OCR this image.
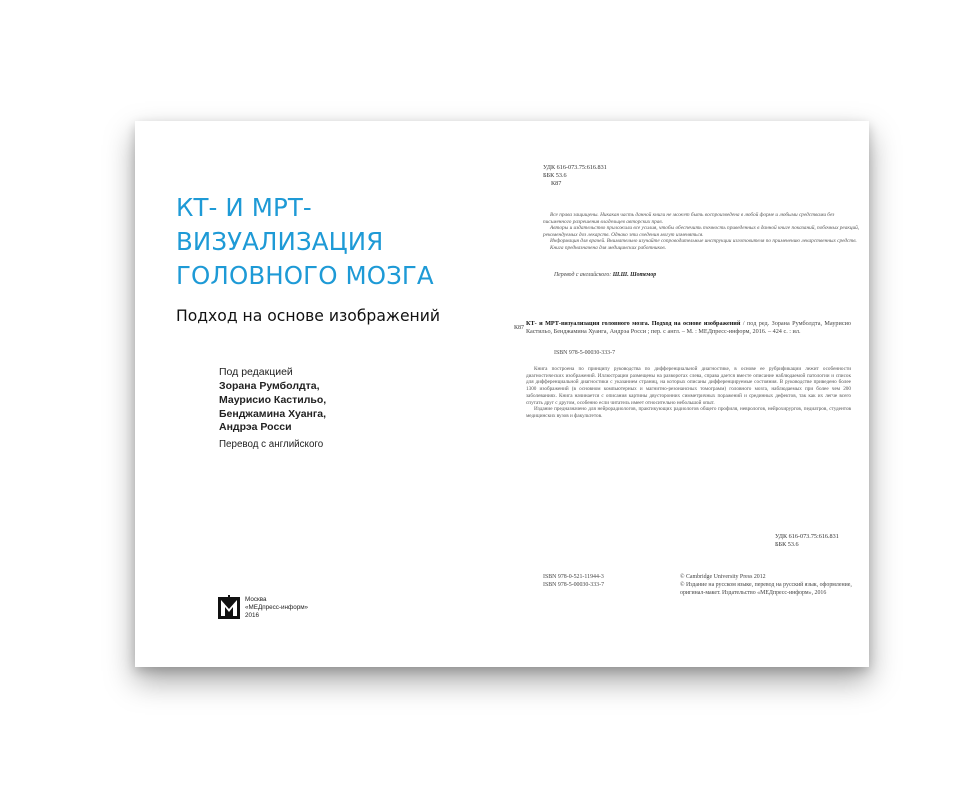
КТ- И МРТ-
ВИЗУАЛИЗАЦИЯ
ГОЛОВНОГО МОЗГА
Подход на основе изображений
Под редакцией
Зорана Румболдта,
Маурисио Кастильо,
Бенджамина Хуанга,
Андрэа Росси
Перевод с английского
Москва
«МЕДпресс-информ»
2016
УДК 616-073.75:616.831
ББК 53.6
К87

Все права защищены. Никакая часть данной книги не может быть воспроизведена в любой форме и любыми средствами без письменного разрешения владельцев авторских прав.

Авторы и издательство приложили все усилия, чтобы обеспечить точность приведенных в данной книге показаний, побочных реакций, рекомендуемых доз лекарств. Однако эти сведения могут изменяться.

Информация для врачей. Внимательно изучайте сопроводительные инструкции изготовителя по применению лекарственных средств.

Книга предназначена для медицинских работников.

Перевод с английского: Ш.Ш. Шотемор
К87
КТ- и МРТ-визуализация головного мозга. Подход на основе изображений / под ред. Зорана Румболдта, Маурисио Кастильо, Бенджамина Хуанга, Андрэа Росси ; пер. с англ. – М. : МЕДпресс-информ, 2016. – 424 с. : ил.
ISBN 978-5-00030-333-7

Книга построена по принципу руководства по дифференциальной диагностике, в основе ее рубрификации лежит особенности диагностических изображений. Иллюстрации размещены на разворотах слева, справа дается вместе описание наблюдаемой патологии и список для дифференциальной диагностики с указанием страниц, на которых описаны дифференцируемые состояния. В руководстве приведено более 1300 изображений (в основном компьютерных и магнитно-резонансных томограмм) головного мозга, наблюдаемых при более чем 200 заболеваниях. Книга начинается с описания картины двусторонних симметричных поражений и срединных дефектов, так как их легче всего спутать друг с другом, особенно если читатель имеет относительно небольшой опыт.

Издание предназначено для нейрорадиологов, практикующих радиологов общего профиля, неврологов, нейрохирургов, педиатров, студентов медицинских вузов и факультетов.

УДК 616-073.75:616.831
ББК 53.6
ISBN 978-0-521-11944-3
ISBN 978-5-00030-333-7
© Cambridge University Press 2012
© Издание на русском языке, перевод на русский язык, оформление, оригинал-макет. Издательство «МЕДпресс-информ», 2016
